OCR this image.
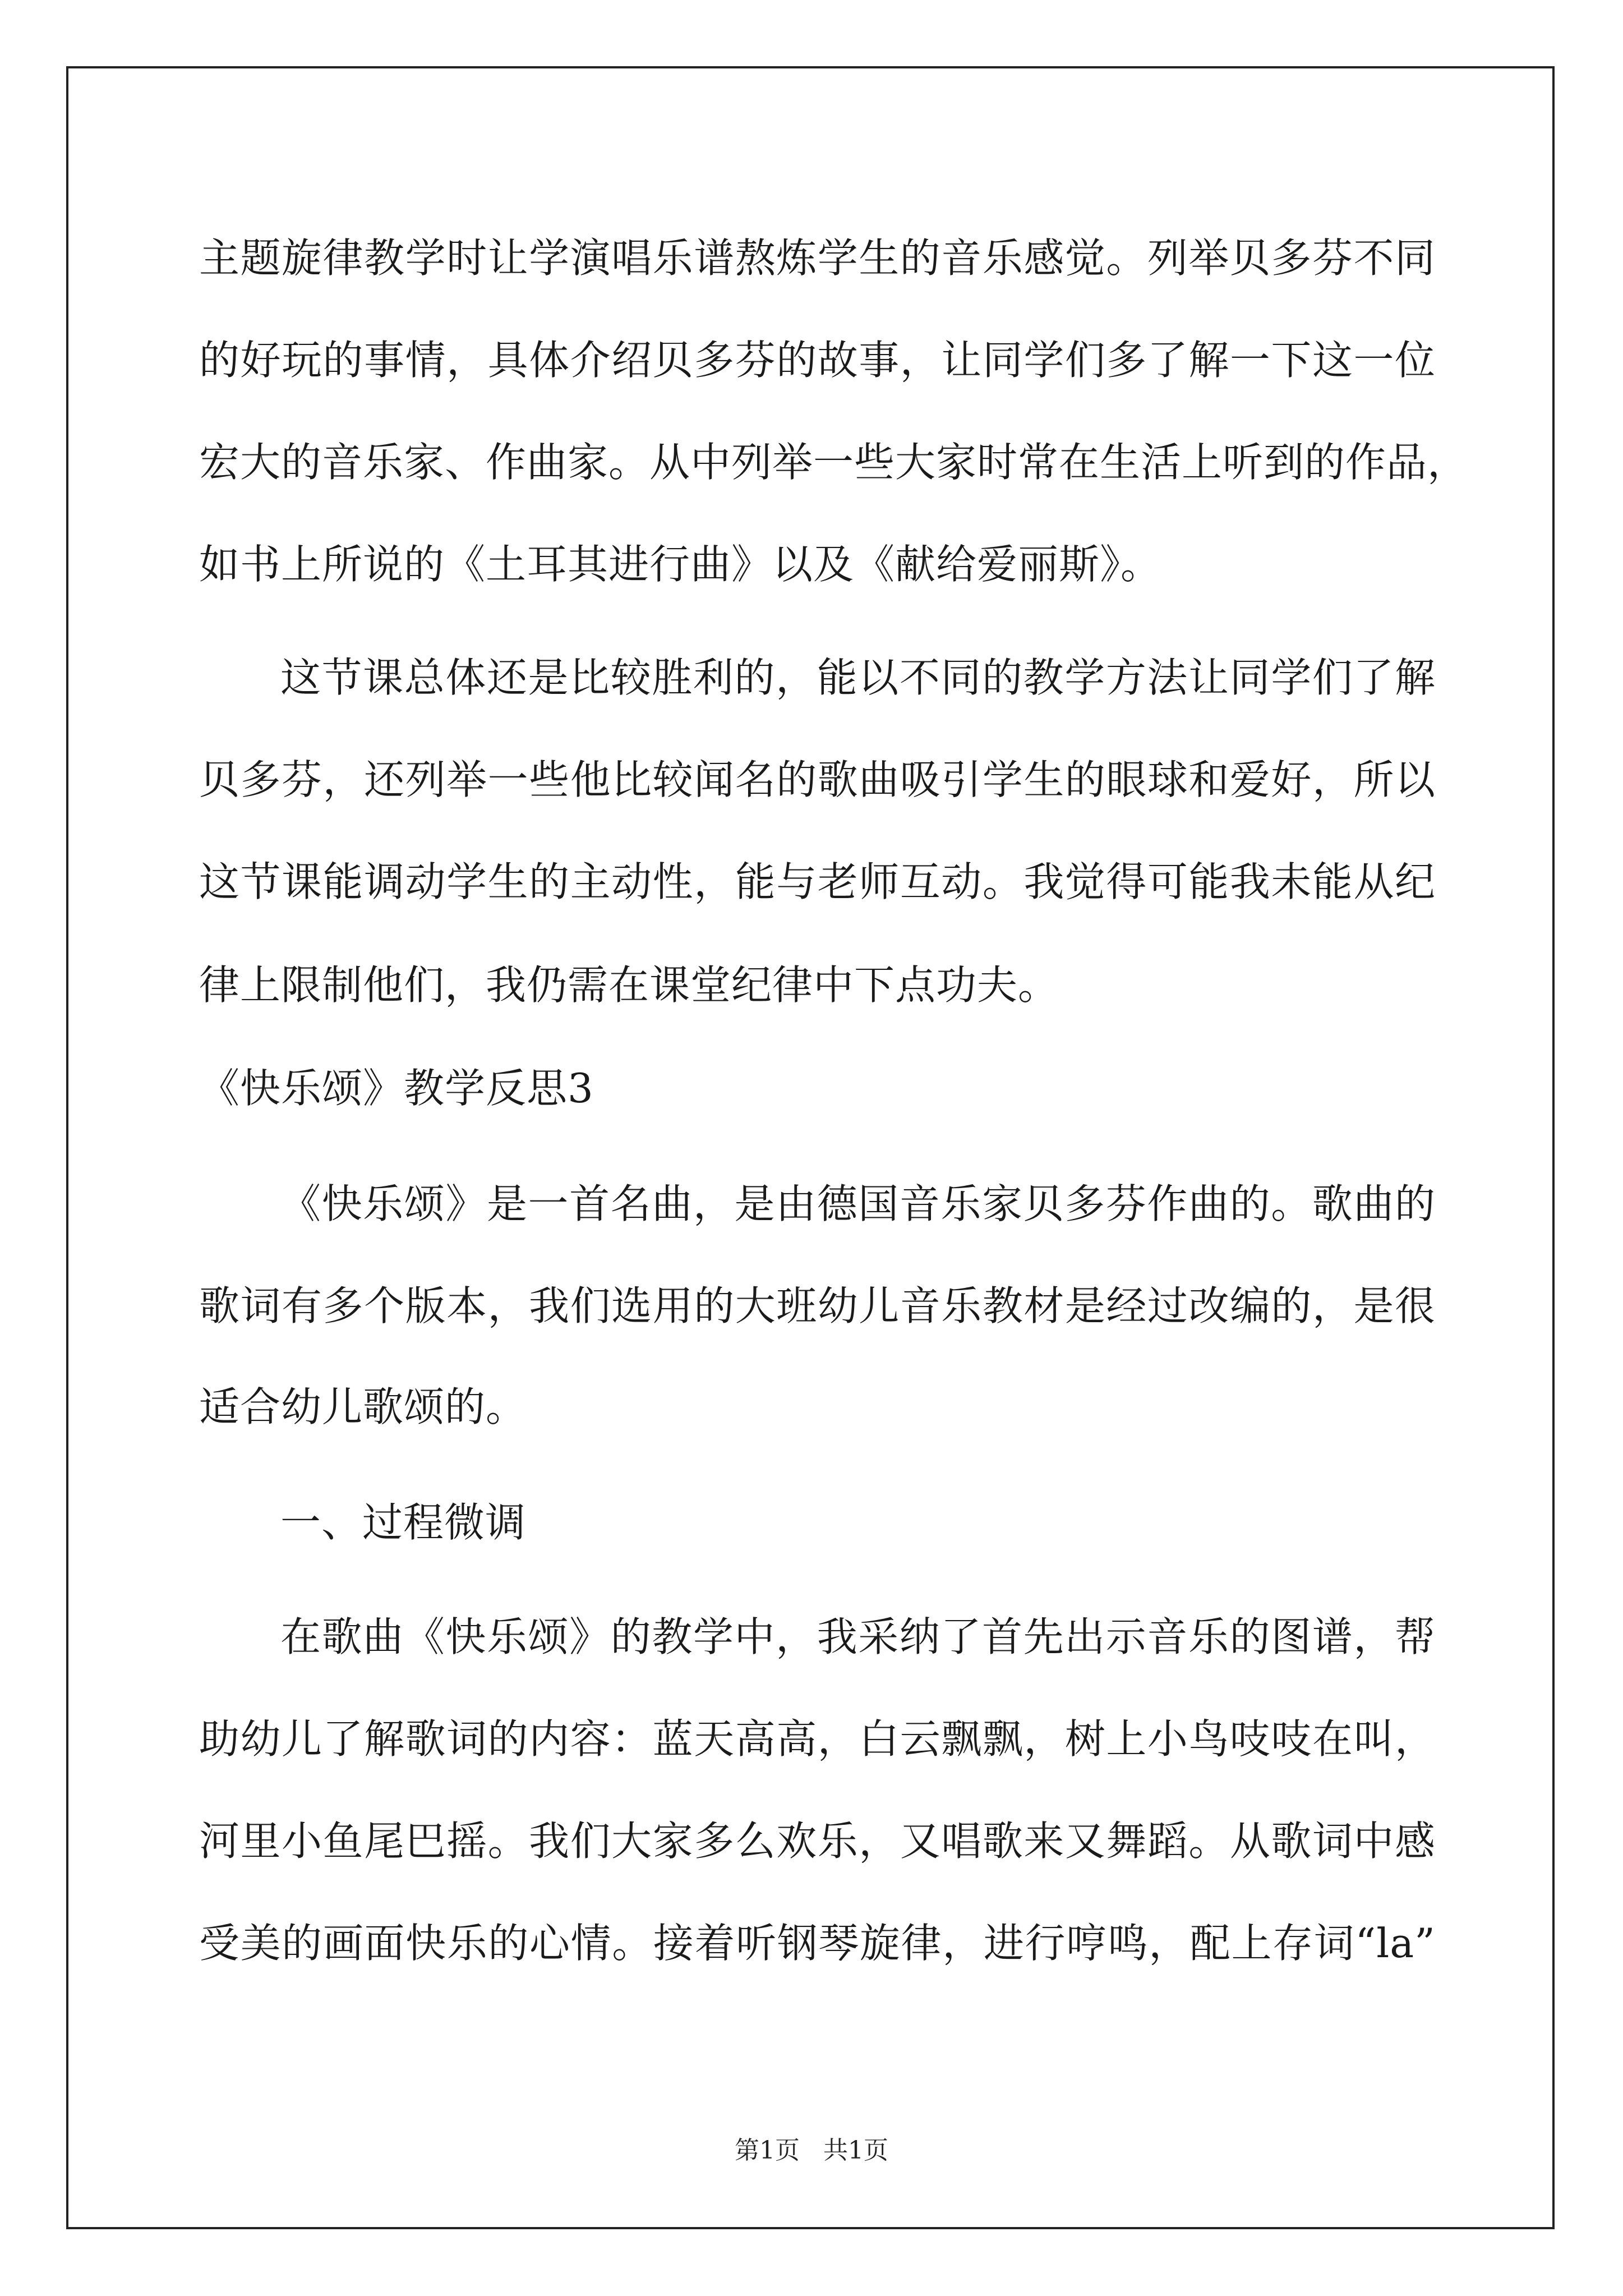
主题旋律教学时让学演唱乐谱熬炼学生的音乐感觉。列举贝多芬不同
的好玩的事情，具体介绍贝多芬的故事，让同学们多了解一下这一位
宏大的音乐家、作曲家。从中列举一些大家时常在生活上听到的作品，
如书上所说的《土耳其进行曲》以及《献给爱丽斯》。
这节课总体还是比较胜利的，能以不同的教学方法让同学们了解
贝多芬，还列举一些他比较闻名的歌曲吸引学生的眼球和爱好，所以
这节课能调动学生的主动性，能与老师互动。我觉得可能我未能从纪
律上限制他们，我仍需在课堂纪律中下点功夫。
《快乐颂》教学反思3
《快乐颂》是一首名曲，是由德国音乐家贝多芬作曲的。歌曲的
歌词有多个版本，我们选用的大班幼儿音乐教材是经过改编的，是很
适合幼儿歌颂的。
一、过程微调
在歌曲《快乐颂》的教学中，我采纳了首先出示音乐的图谱，帮
助幼儿了解歌词的内容：蓝天高高，白云飘飘，树上小鸟吱吱在叫，
河里小鱼尾巴摇。我们大家多么欢乐，又唱歌来又舞蹈。从歌词中感
受美的画面快乐的心情。接着听钢琴旋律，进行哼鸣，配上存词“la”
第1页 共1页
